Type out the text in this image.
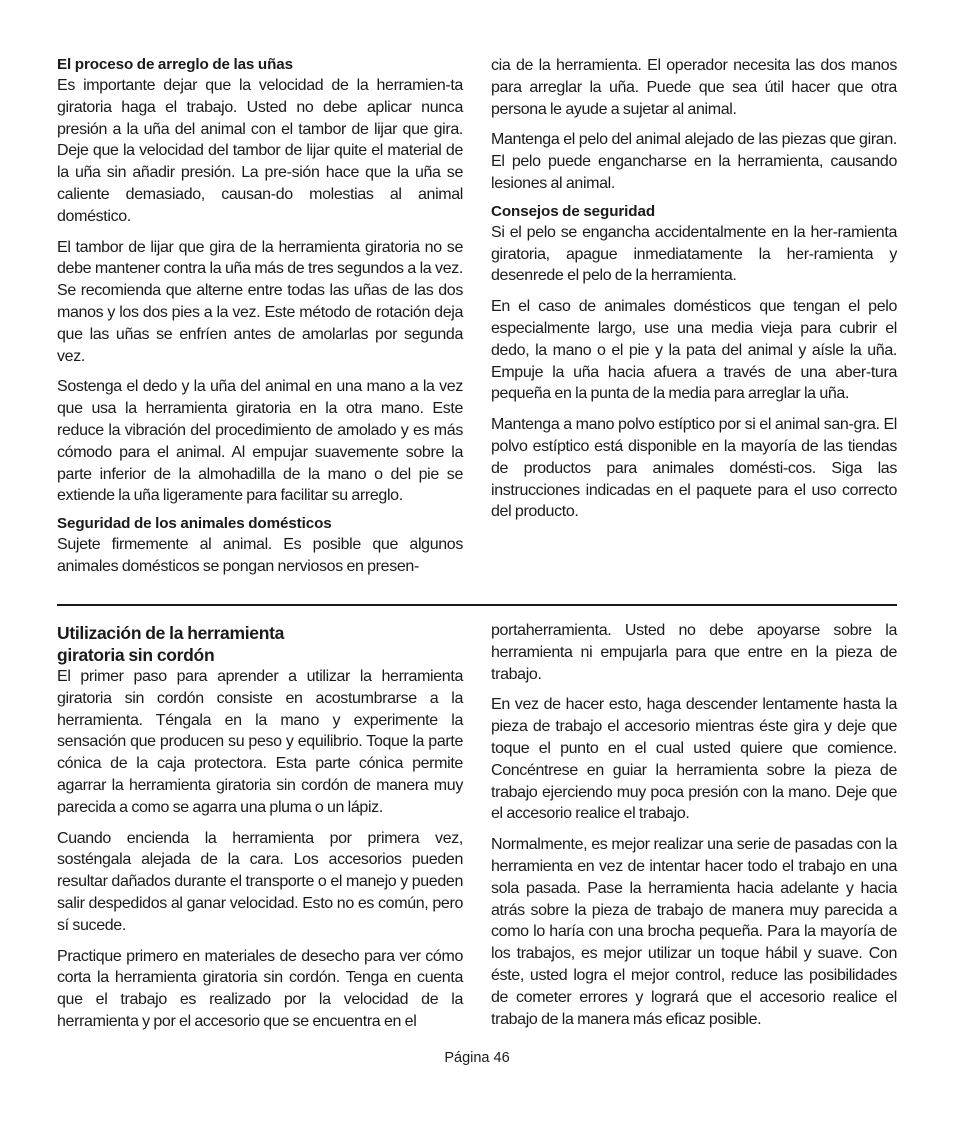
El proceso de arreglo de las uñas

Es importante dejar que la velocidad de la herramien-ta giratoria haga el trabajo. Usted no debe aplicar nunca presión a la uña del animal con el tambor de lijar que gira. Deje que la velocidad del tambor de lijar quite el material de la uña sin añadir presión. La pre-sión hace que la uña se caliente demasiado, causan-do molestias al animal doméstico.

El tambor de lijar que gira de la herramienta giratoria no se debe mantener contra la uña más de tres segundos a la vez. Se recomienda que alterne entre todas las uñas de las dos manos y los dos pies a la vez. Este método de rotación deja que las uñas se enfríen antes de amolarlas por segunda vez.

Sostenga el dedo y la uña del animal en una mano a la vez que usa la herramienta giratoria en la otra mano. Este reduce la vibración del procedimiento de amolado y es más cómodo para el animal. Al empujar suavemente sobre la parte inferior de la almohadilla de la mano o del pie se extiende la uña ligeramente para facilitar su arreglo.

Seguridad de los animales domésticos

Sujete firmemente al animal. Es posible que algunos animales domésticos se pongan nerviosos en presen-

cia de la herramienta. El operador necesita las dos manos para arreglar la uña. Puede que sea útil hacer que otra persona le ayude a sujetar al animal.

Mantenga el pelo del animal alejado de las piezas que giran. El pelo puede engancharse en la herramienta, causando lesiones al animal.

Consejos de seguridad

Si el pelo se engancha accidentalmente en la her-ramienta giratoria, apague inmediatamente la her-ramienta y desenrede el pelo de la herramienta.

En el caso de animales domésticos que tengan el pelo especialmente largo, use una media vieja para cubrir el dedo, la mano o el pie y la pata del animal y aísle la uña. Empuje la uña hacia afuera a través de una aber-tura pequeña en la punta de la media para arreglar la uña.

Mantenga a mano polvo estíptico por si el animal san-gra. El polvo estíptico está disponible en la mayoría de las tiendas de productos para animales domésti-cos. Siga las instrucciones indicadas en el paquete para el uso correcto del producto.

Utilización de la herramienta
giratoria sin cordón

El primer paso para aprender a utilizar la herramienta giratoria sin cordón consiste en acostumbrarse a la herramienta. Téngala en la mano y experimente la sensación que producen su peso y equilibrio. Toque la parte cónica de la caja protectora. Esta parte cónica permite agarrar la herramienta giratoria sin cordón de manera muy parecida a como se agarra una pluma o un lápiz.

Cuando encienda la herramienta por primera vez, sosténgala alejada de la cara. Los accesorios pueden resultar dañados durante el transporte o el manejo y pueden salir despedidos al ganar velocidad. Esto no es común, pero sí sucede.

Practique primero en materiales de desecho para ver cómo corta la herramienta giratoria sin cordón. Tenga en cuenta que el trabajo es realizado por la velocidad de la herramienta y por el accesorio que se encuentra en el

portaherramienta. Usted no debe apoyarse sobre la herramienta ni empujarla para que entre en la pieza de trabajo.

En vez de hacer esto, haga descender lentamente hasta la pieza de trabajo el accesorio mientras éste gira y deje que toque el punto en el cual usted quiere que comience. Concéntrese en guiar la herramienta sobre la pieza de trabajo ejerciendo muy poca presión con la mano. Deje que el accesorio realice el trabajo.

Normalmente, es mejor realizar una serie de pasadas con la herramienta en vez de intentar hacer todo el trabajo en una sola pasada. Pase la herramienta hacia adelante y hacia atrás sobre la pieza de trabajo de manera muy parecida a como lo haría con una brocha pequeña. Para la mayoría de los trabajos, es mejor utilizar un toque hábil y suave. Con éste, usted logra el mejor control, reduce las posibilidades de cometer errores y logrará que el accesorio realice el trabajo de la manera más eficaz posible.

Página 46
